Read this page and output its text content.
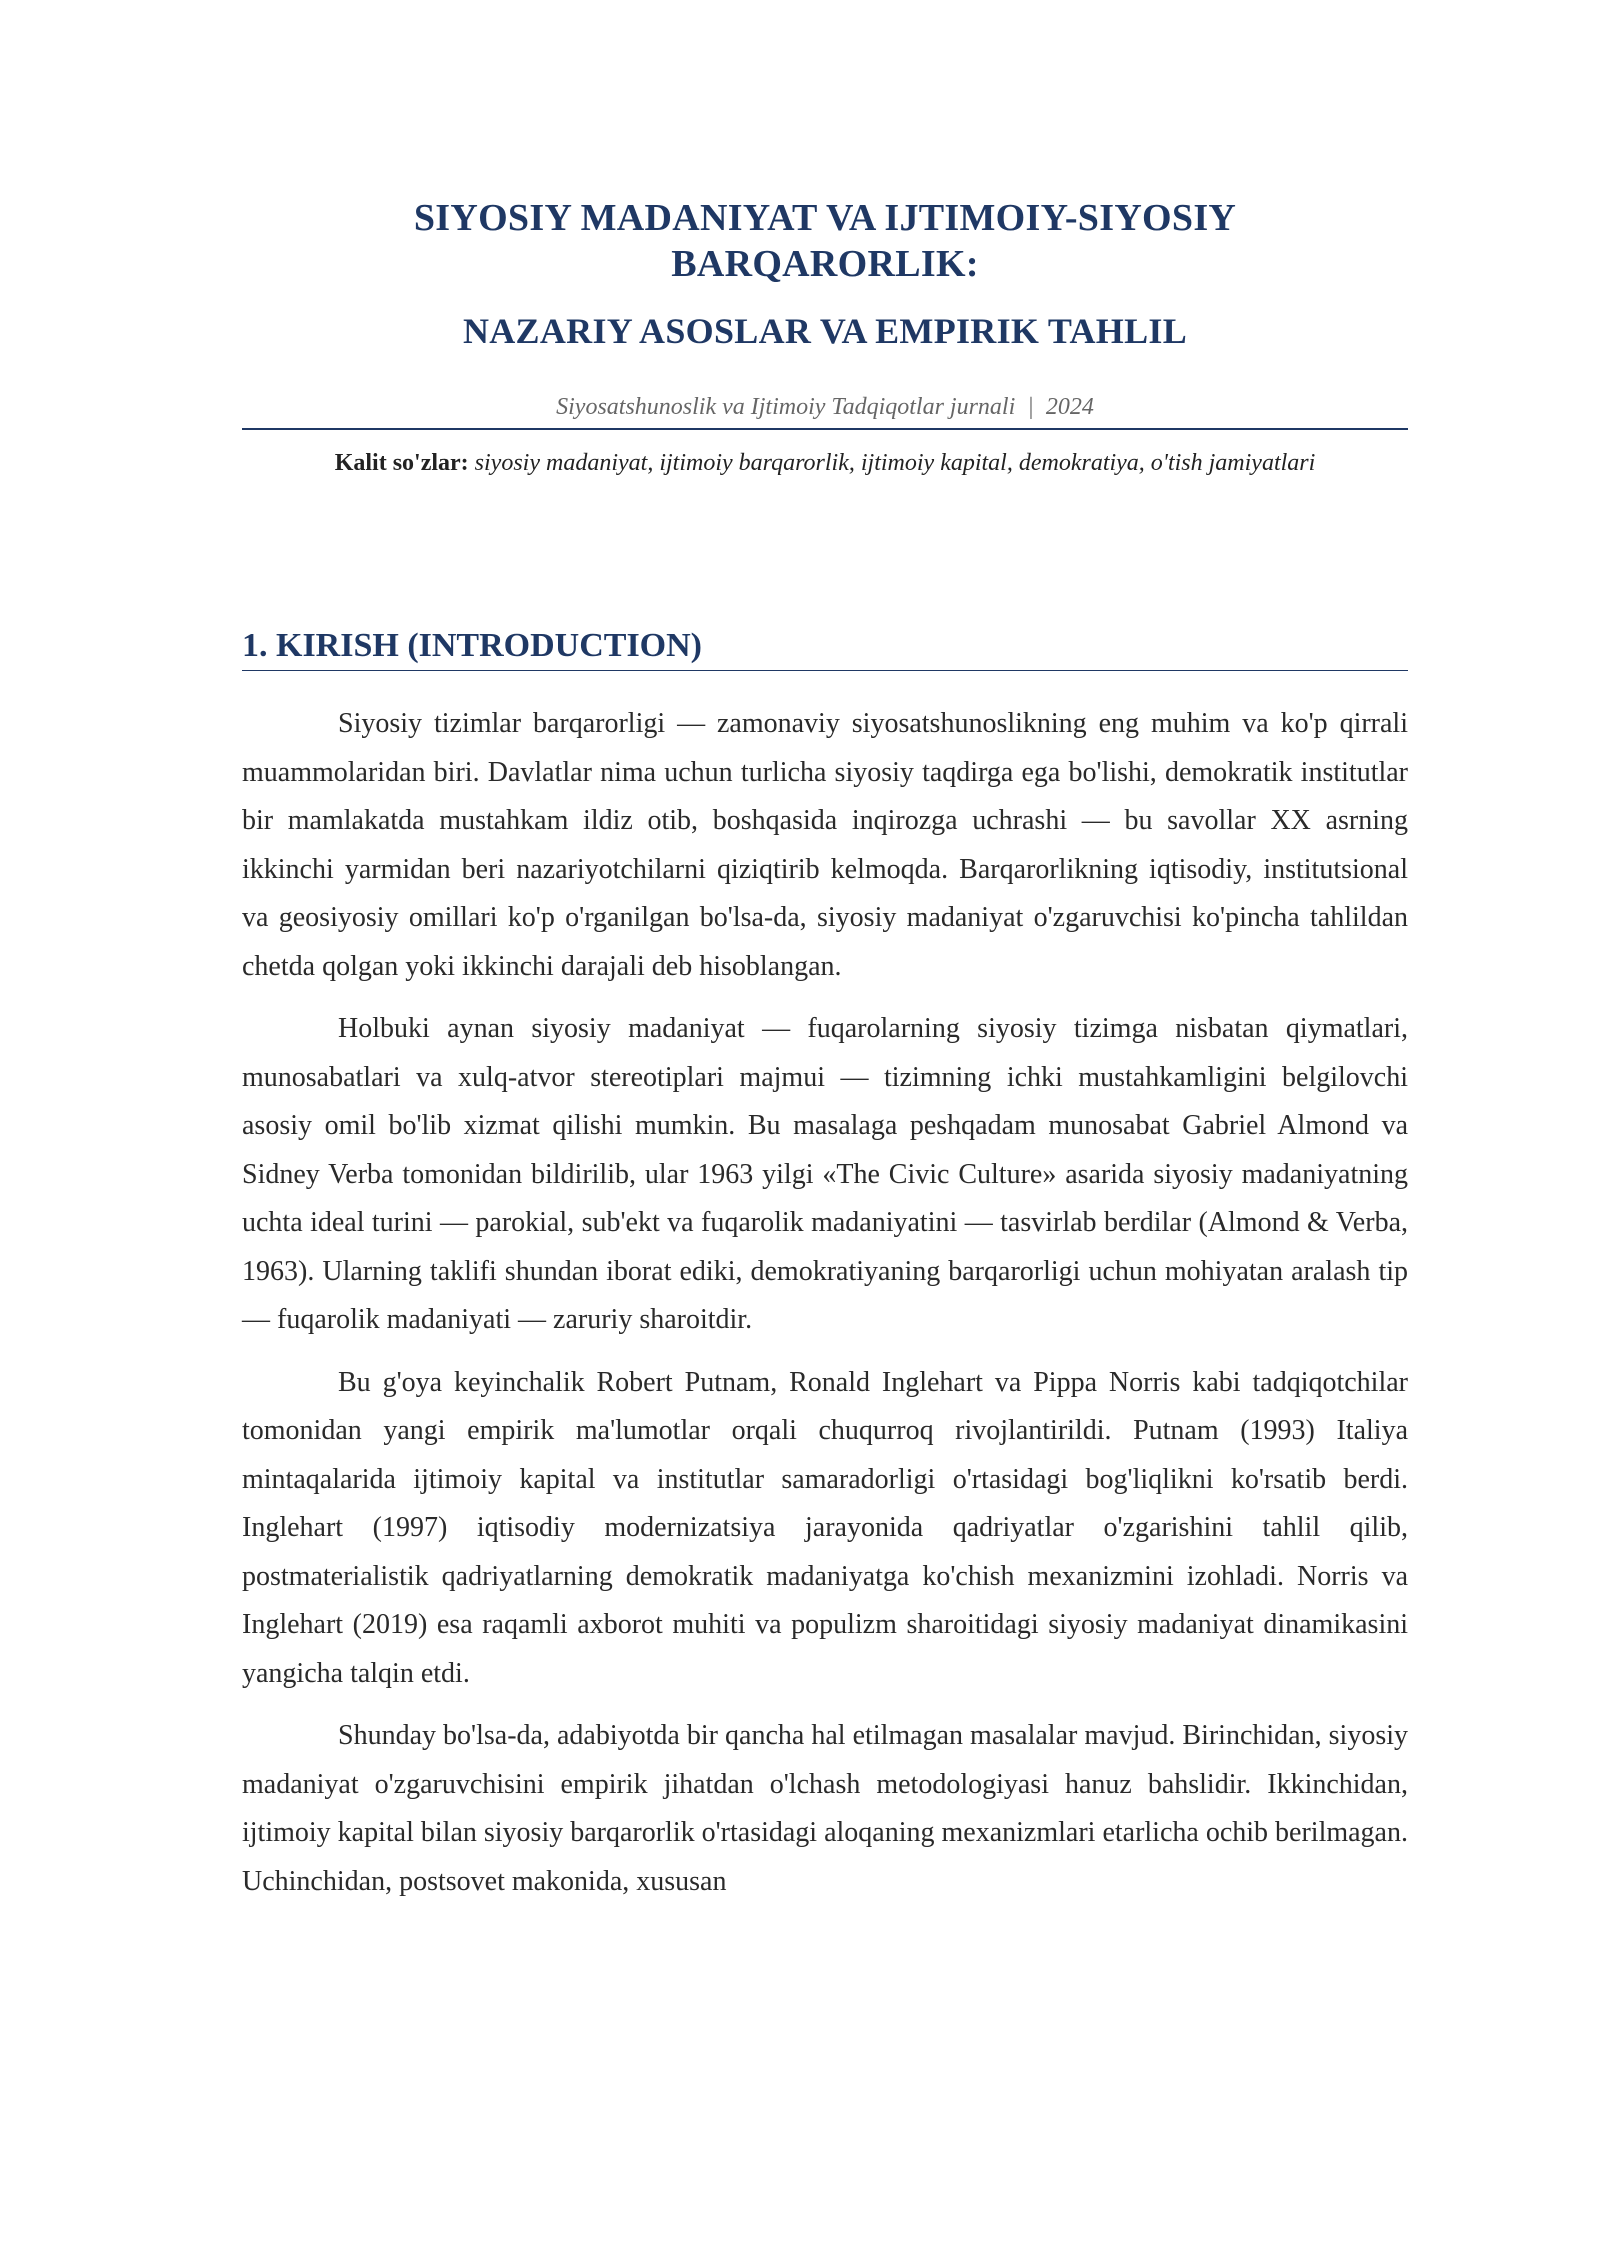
SIYOSIY MADANIYAT VA IJTIMOIY-SIYOSIY
BARQARORLIK:
NAZARIY ASOSLAR VA EMPIRIK TAHLIL
Siyosatshunoslik va Ijtimoiy Tadqiqotlar jurnali  |  2024
Kalit so'zlar: siyosiy madaniyat, ijtimoiy barqarorlik, ijtimoiy kapital, demokratiya, o'tish jamiyatlari
1. KIRISH (INTRODUCTION)

Siyosiy tizimlar barqarorligi — zamonaviy siyosatshunoslikning eng muhim va ko'p qirrali muammolaridan biri. Davlatlar nima uchun turlicha siyosiy taqdirga ega bo'lishi, demokratik institutlar bir mamlakatda mustahkam ildiz otib, boshqasida inqirozga uchrashi — bu savollar XX asrning ikkinchi yarmidan beri nazariyotchilarni qiziqtirib kelmoqda. Barqarorlikning iqtisodiy, institutsional va geosiyosiy omillari ko'p o'rganilgan bo'lsa-da, siyosiy madaniyat o'zgaruvchisi ko'pincha tahlildan chetda qolgan yoki ikkinchi darajali deb hisoblangan.

Holbuki aynan siyosiy madaniyat — fuqarolarning siyosiy tizimga nisbatan qiymatlari, munosabatlari va xulq-atvor stereotiplari majmui — tizimning ichki mustahkamligini belgilovchi asosiy omil bo'lib xizmat qilishi mumkin. Bu masalaga peshqadam munosabat Gabriel Almond va Sidney Verba tomonidan bildirilib, ular 1963 yilgi «The Civic Culture» asarida siyosiy madaniyatning uchta ideal turini — parokial, sub'ekt va fuqarolik madaniyatini — tasvirlab berdilar (Almond & Verba, 1963). Ularning taklifi shundan iborat ediki, demokratiyaning barqarorligi uchun mohiyatan aralash tip — fuqarolik madaniyati — zaruriy sharoitdir.

Bu g'oya keyinchalik Robert Putnam, Ronald Inglehart va Pippa Norris kabi tadqiqotchilar tomonidan yangi empirik ma'lumotlar orqali chuqurroq rivojlantirildi. Putnam (1993) Italiya mintaqalarida ijtimoiy kapital va institutlar samaradorligi o'rtasidagi bog'liqlikni ko'rsatib berdi. Inglehart (1997) iqtisodiy modernizatsiya jarayonida qadriyatlar o'zgarishini tahlil qilib, postmaterialistik qadriyatlarning demokratik madaniyatga ko'chish mexanizmini izohladi. Norris va Inglehart (2019) esa raqamli axborot muhiti va populizm sharoitidagi siyosiy madaniyat dinamikasini yangicha talqin etdi.

Shunday bo'lsa-da, adabiyotda bir qancha hal etilmagan masalalar mavjud. Birinchidan, siyosiy madaniyat o'zgaruvchisini empirik jihatdan o'lchash metodologiyasi hanuz bahslidir. Ikkinchidan, ijtimoiy kapital bilan siyosiy barqarorlik o'rtasidagi aloqaning mexanizmlari etarlicha ochib berilmagan. Uchinchidan, postsovet makonida, xususan
